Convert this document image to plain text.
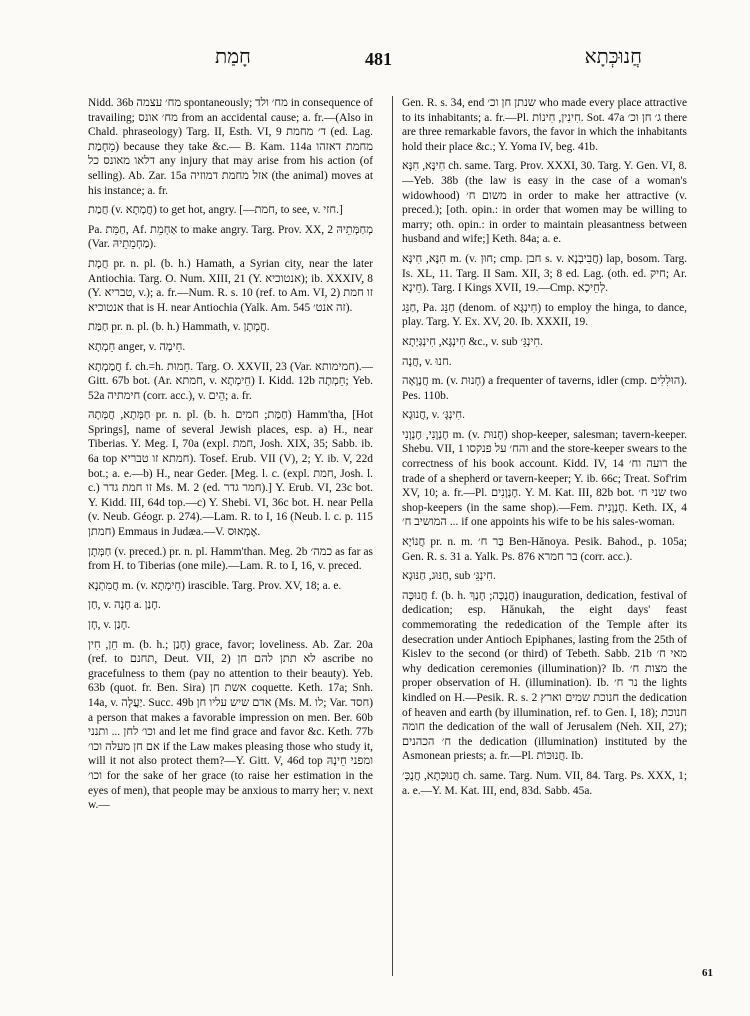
חָמַת	481	חֲנוּכְּתָא

Nidd. 36b מח׳ עצמה spontaneously; מח׳ ולד in consequence of travailing; מח׳ אונס from an accidental cause; a. fr.—(Also in Chald. phraseology) Targ. II, Esth. VI, 9 ד׳ מחמת (ed. Lag. מֵחָמַת) because they take &c.— B. Kam. 114a מחמת דאזהו דלאו מאונס כל any injury that may arise from his action (of selling). Ab. Zar. 15a אזל מחמת דמוזיה (the animal) moves at his instance; a. fr.

חֲמַת (v. חֲמְתָא) to get hot, angry. [—חמת, to see, v. חזי.]

Pa. חַמֵּת, Af. אַחְמֵת to make angry. Targ. Prov. XX, 2 מְחַמְּתֵיהּ (Var. מַחְמֵתֵיהּ).

חֲמָת pr. n. pl. (b. h.) Hamath, a Syrian city, near the later Antiochia. Targ. O. Num. XIII, 21 (Y. אנטוכיא); ib. XXXIV, 8 (Y. טבריא, v.); a. fr.—Num. R. s. 10 (ref. to Am. VI, 2) זו חמת אנטוכיא that is H. near Antiochia (Yalk. Am. 545 זה אנט׳).

חַמַּת pr. n. pl. (b. h.) Hammath, v. חֲמְתָן.

חֵמְתָא anger, v. חֵימָה.

חֲמַמְתָא f. ch.=h. חֵמוּת. Targ. O. XXVII, 23 (Var. חמימותא).—Gitt. 67b bot. (Ar. חמתא, v. חֵימְתָא) I. Kidd. 12b חֵמְתָה; Yeb. 52a חימתיה (corr. acc.), v. הֵים; a. fr.

חַמְּתָא, חֲמְּתָה pr. n. pl. (b. h. חַמַּת; חמים) Hamm'tha, [Hot Springs], name of several Jewish places, esp. a) H., near Tiberias. Y. Meg. I, 70a (expl. חמת, Josh. XIX, 35; Sabb. ib. 6a top חמתא זו טבריא). Tosef. Erub. VII (V), 2; Y. ib. V, 22d bot.; a. e.—b) H., near Geder. [Meg. l. c. (expl. חמת, Josh. l. c.) זו חמת גדר Ms. M. 2 (ed. חמר גדר).] Y. Erub. VI, 23c bot. Y. Kidd. III, 64d top.—c) Y. Shebi. VI, 36c bot. H. near Pella (v. Neub. Géogr. p. 274).—Lam. R. to I, 16 (Neub. l. c. p. 115 חמתן) Emmaus in Judæa.—V. אֶמְאוּס.

חַמְּתָן (v. preced.) pr. n. pl. Hamm'than. Meg. 2b כמה׳ as far as from H. to Tiberias (one mile).—Lam. R. to I, 16, v. preced.

חֲמִתְנָא m. (v. חֵימְתָא) irascible. Targ. Prov. XV, 18; a. e.

חַן, v. חָנָה a. חָנַן.

חָן, v. חָנַן.

חֵן, חִין m. (b. h.; חָנַן) grace, favor; loveliness. Ab. Zar. 20a (ref. to תחנם, Deut. VII, 2) לא תתן להם חן ascribe no gracefulness to them (pay no attention to their beauty). Yeb. 63b (quot. fr. Ben. Sira) אשת חן coquette. Keth. 17a; Snh. 14a, v. יַעֲלָה. Succ. 49b אדם שיש עליו חן (Ms. M. לו; Var. חסד) a person that makes a favorable impression on men. Ber. 60b וכו׳ לחן ... ותנני and let me find grace and favor &c. Keth. 77b אם חן מעלה וכו׳ if the Law makes pleasing those who study it, will it not also protect them?—Y. Gitt. V, 46d top ומפני חֵינָהּ וכו׳ for the sake of her grace (to raise her estimation in the eyes of men), that people may be anxious to marry her; v. next w.—

Gen. R. s. 34, end שנתן חן וכ׳ who made every place attractive to its inhabitants; a. fr.—Pl. חִינִין, חִינוֹת. Sot. 47a ג׳ חן וכ׳ there are three remarkable favors, the favor in which the inhabitants hold their place &c.; Y. Yoma IV, beg. 41b.

חִינָּא, חִנָּא ch. same. Targ. Prov. XXXI, 30. Targ. Y. Gen. VI, 8.—Yeb. 38b (the law is easy in the case of a woman's widowhood) משום ח׳ in order to make her attractive (v. preced.); [oth. opin.: in order that women may be willing to marry; oth. opin.: in order to maintain pleasantness between husband and wife;] Keth. 84a; a. e.

חִנָּא, חִינָּא m. (v. חוּן; cmp. חבן s. v. חֲבִיבְנָא) lap, bosom. Targ. Is. XL, 11. Targ. II Sam. XII, 3; 8 ed. Lag. (oth. ed. חיק; Ar. חֵינָא). Targ. I Kings XVII, 19.—Cmp. לְחֵיכָא.

חַנֵּג, Pa. חַנֵּג (denom. of חִינְגָּא) to employ the hinga, to dance, play. Targ. Y. Ex. XV, 20. Ib. XXXII, 19.

חִינְגָּא, חִינְגַּיְתָא &c., v. sub חִינְגֵּ׳.

חֲנָה, v. חנוּ.

חֲנָוָאָה m. (v. חָנוּת) a frequenter of taverns, idler (cmp. הוּלִלִים). Pes. 110b.

חֲנוּגָא, v. חִינְגָּ׳.

חֶנְוָנִי, חֶנְוָנִי m. (v. חָנוּת) shop-keeper, salesman; tavern-keeper. Shebu. VII, 1 והח׳ על פנקסו and the store-keeper swears to the correctness of his book account. Kidd. IV, 14 רועה וח׳ the trade of a shepherd or tavern-keeper; Y. ib. 66c; Treat. Sof'rim XV, 10; a. fr.—Pl. חֶנְוָנִים. Y. M. Kat. III, 82b bot. שני ח׳ two shop-keepers (in the same shop).—Fem. חֶנְוָנִית. Keth. IX, 4 המושיב ח׳ ... if one appoints his wife to be his sales-woman.

חֲנוֹיָא pr. n. m. בַּר ח׳ Ben-Hănoya. Pesik. Bahod., p. 105a; Gen. R. s. 31 a. Yalk. Ps. 876 בר חמרא (corr. acc.).

חַנּוּג, חַנּוּגָא, sub חִינְגֵּ׳.

חֲנוּכָּה f. (b. h. חֲנֻכָּה; חָנַךְ) inauguration, dedication, festival of dedication; esp. Hănukah, the eight days' feast commemorating the rededication of the Temple after its desecration under Antioch Epiphanes, lasting from the 25th of Kislev to the second (or third) of Tebeth. Sabb. 21b מאי ח׳ why dedication ceremonies (illumination)? Ib. מצות ח׳ the proper observation of H. (illumination). Ib. נר ח׳ the lights kindled on H.—Pesik. R. s. 2 חנוכת שמים וארץ the dedication of heaven and earth (by illumination, ref. to Gen. I, 18); חנוכת חומה the dedication of the wall of Jerusalem (Neh. XII, 27); ח׳ הכהנים the dedication (illumination) instituted by the Asmonean priests; a. fr.—Pl. חֲנוּכּוֹת. Ib.

חֲנוּכְּתָא, חֲנֻכְּ׳ ch. same. Targ. Num. VII, 84. Targ. Ps. XXX, 1; a. e.—Y. M. Kat. III, end, 83d. Sabb. 45a.

61
